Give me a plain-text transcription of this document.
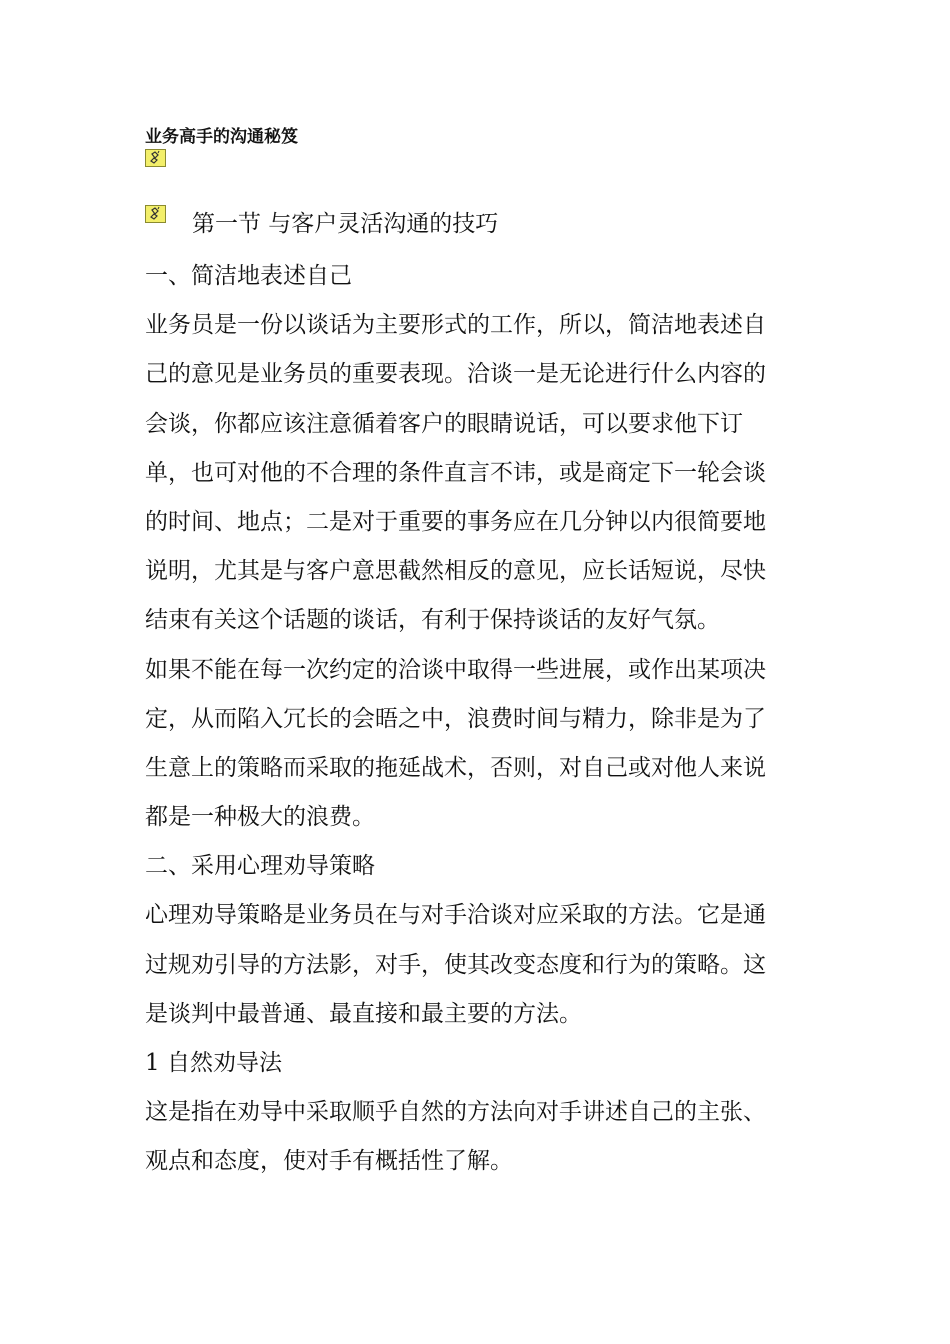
业务高手的沟通秘笈
第一节 与客户灵活沟通的技巧
一、简洁地表述自己
业务员是一份以谈话为主要形式的工作，所以，简洁地表述自
己的意见是业务员的重要表现。洽谈一是无论进行什么内容的
会谈，你都应该注意循着客户的眼睛说话，可以要求他下订
单，也可对他的不合理的条件直言不讳，或是商定下一轮会谈
的时间、地点；二是对于重要的事务应在几分钟以内很简要地
说明，尤其是与客户意思截然相反的意见，应长话短说，尽快
结束有关这个话题的谈话，有利于保持谈话的友好气氛。
如果不能在每一次约定的洽谈中取得一些进展，或作出某项决
定，从而陷入冗长的会晤之中，浪费时间与精力，除非是为了
生意上的策略而采取的拖延战术，否则，对自己或对他人来说
都是一种极大的浪费。
二、采用心理劝导策略
心理劝导策略是业务员在与对手洽谈对应采取的方法。它是通
过规劝引导的方法影，对手，使其改变态度和行为的策略。这
是谈判中最普通、最直接和最主要的方法。
1 自然劝导法
这是指在劝导中采取顺乎自然的方法向对手讲述自己的主张、
观点和态度，使对手有概括性了解。
